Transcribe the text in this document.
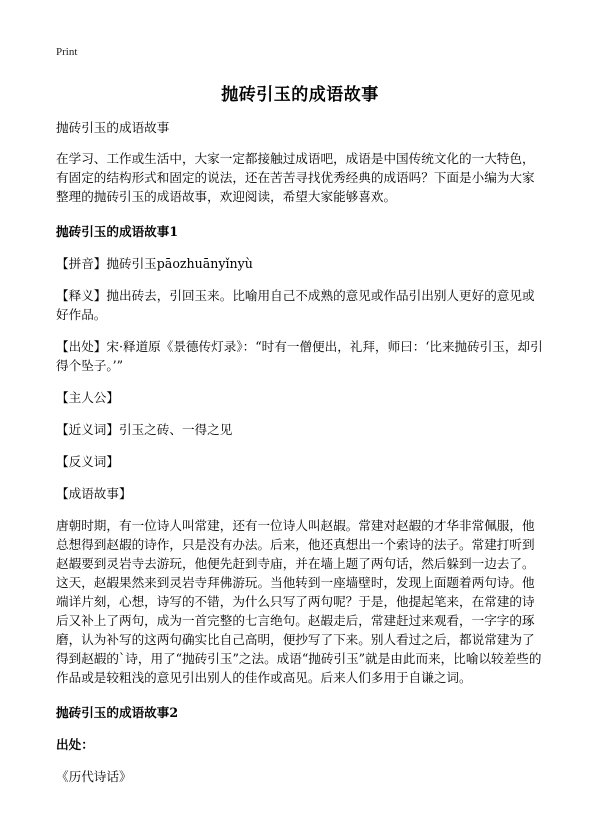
Print
抛砖引玉的成语故事

抛砖引玉的成语故事

在学习、工作或生活中，大家一定都接触过成语吧，成语是中国传统文化的一大特色，有固定的结构形式和固定的说法，还在苦苦寻找优秀经典的成语吗？下面是小编为大家整理的抛砖引玉的成语故事，欢迎阅读，希望大家能够喜欢。

抛砖引玉的成语故事1

【拼音】抛砖引玉pāozhuānyǐnyù

【释义】抛出砖去，引回玉来。比喻用自己不成熟的意见或作品引出别人更好的意见或好作品。

【出处】宋·释道原《景德传灯录》：“时有一僧便出，礼拜，师曰：‘比来抛砖引玉，却引得个坠子。’”

【主人公】

【近义词】引玉之砖、一得之见

【反义词】

【成语故事】

唐朝时期，有一位诗人叫常建，还有一位诗人叫赵嘏。常建对赵嘏的才华非常佩服，他总想得到赵嘏的诗作，只是没有办法。后来，他还真想出一个索诗的法子。常建打听到赵嘏要到灵岩寺去游玩，他便先赶到寺庙，并在墙上题了两句话，然后躲到一边去了。这天，赵嘏果然来到灵岩寺拜佛游玩。当他转到一座墙壁时，发现上面题着两句诗。他端详片刻，心想，诗写的不错，为什么只写了两句呢？于是，他提起笔来，在常建的诗后又补上了两句，成为一首完整的七言绝句。赵嘏走后，常建赶过来观看，一字字的琢磨，认为补写的这两句确实比自己高明，便抄写了下来。别人看过之后，都说常建为了得到赵嘏的`诗，用了“抛砖引玉”之法。成语“抛砖引玉”就是由此而来，比喻以较差些的作品或是较粗浅的意见引出别人的佳作或高见。后来人们多用于自谦之词。

抛砖引玉的成语故事2

出处：

《历代诗话》
